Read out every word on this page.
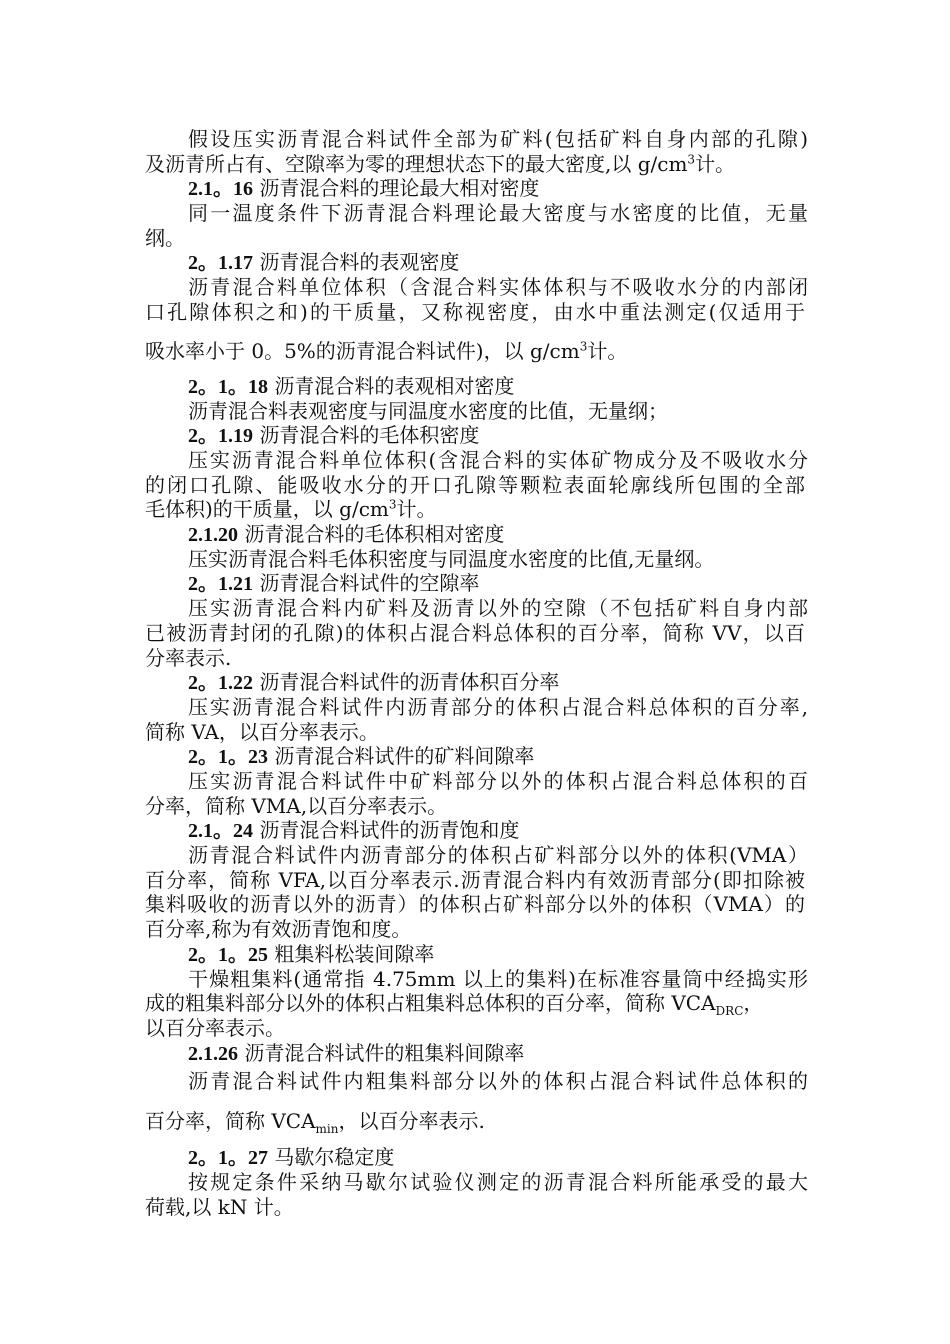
假设压实沥青混合料试件全部为矿料(包括矿料自身内部的孔隙)
及沥青所占有、空隙率为零的理想状态下的最大密度,以 $g/cm^3$计。
2.1。16 沥青混合料的理论最大相对密度
同一温度条件下沥青混合料理论最大密度与水密度的比值，无量
纲。
2。1.17 沥青混合料的表观密度
沥青混合料单位体积（含混合料实体体积与不吸收水分的内部闭
口孔隙体积之和)的干质量，又称视密度，由水中重法测定(仅适用于
吸水率小于 0。5%的沥青混合料试件)，以 $g/cm^3$计。
2。1。18 沥青混合料的表观相对密度
沥青混合料表观密度与同温度水密度的比值，无量纲；
2。1.19 沥青混合料的毛体积密度
压实沥青混合料单位体积(含混合料的实体矿物成分及不吸收水分
的闭口孔隙、能吸收水分的开口孔隙等颗粒表面轮廓线所包围的全部
毛体积)的干质量，以 $g/cm^3$计。
2.1.20 沥青混合料的毛体积相对密度
压实沥青混合料毛体积密度与同温度水密度的比值,无量纲。
2。1.21 沥青混合料试件的空隙率
压实沥青混合料内矿料及沥青以外的空隙（不包括矿料自身内部
已被沥青封闭的孔隙)的体积占混合料总体积的百分率，简称 VV，以百
分率表示.
2。1.22 沥青混合料试件的沥青体积百分率
压实沥青混合料试件内沥青部分的体积占混合料总体积的百分率,
简称 VA，以百分率表示。
2。1。23 沥青混合料试件的矿料间隙率
压实沥青混合料试件中矿料部分以外的体积占混合料总体积的百
分率，简称 VMA,以百分率表示。
2.1。24 沥青混合料试件的沥青饱和度
沥青混合料试件内沥青部分的体积占矿料部分以外的体积(VMA）
百分率，简称 VFA,以百分率表示.沥青混合料内有效沥青部分(即扣除被
集料吸收的沥青以外的沥青）的体积占矿料部分以外的体积（VMA）的
百分率,称为有效沥青饱和度。
2。1。25 粗集料松装间隙率
干燥粗集料(通常指 4.75mm 以上的集料)在标准容量筒中经捣实形
成的粗集料部分以外的体积占粗集料总体积的百分率，简称 $VCA_{DRC}$，
以百分率表示。
2.1.26 沥青混合料试件的粗集料间隙率
沥青混合料试件内粗集料部分以外的体积占混合料试件总体积的
百分率，简称 $VCA_{min}$，以百分率表示.
2。1。27 马歇尔稳定度
按规定条件采纳马歇尔试验仪测定的沥青混合料所能承受的最大
荷载,以 kN 计。
